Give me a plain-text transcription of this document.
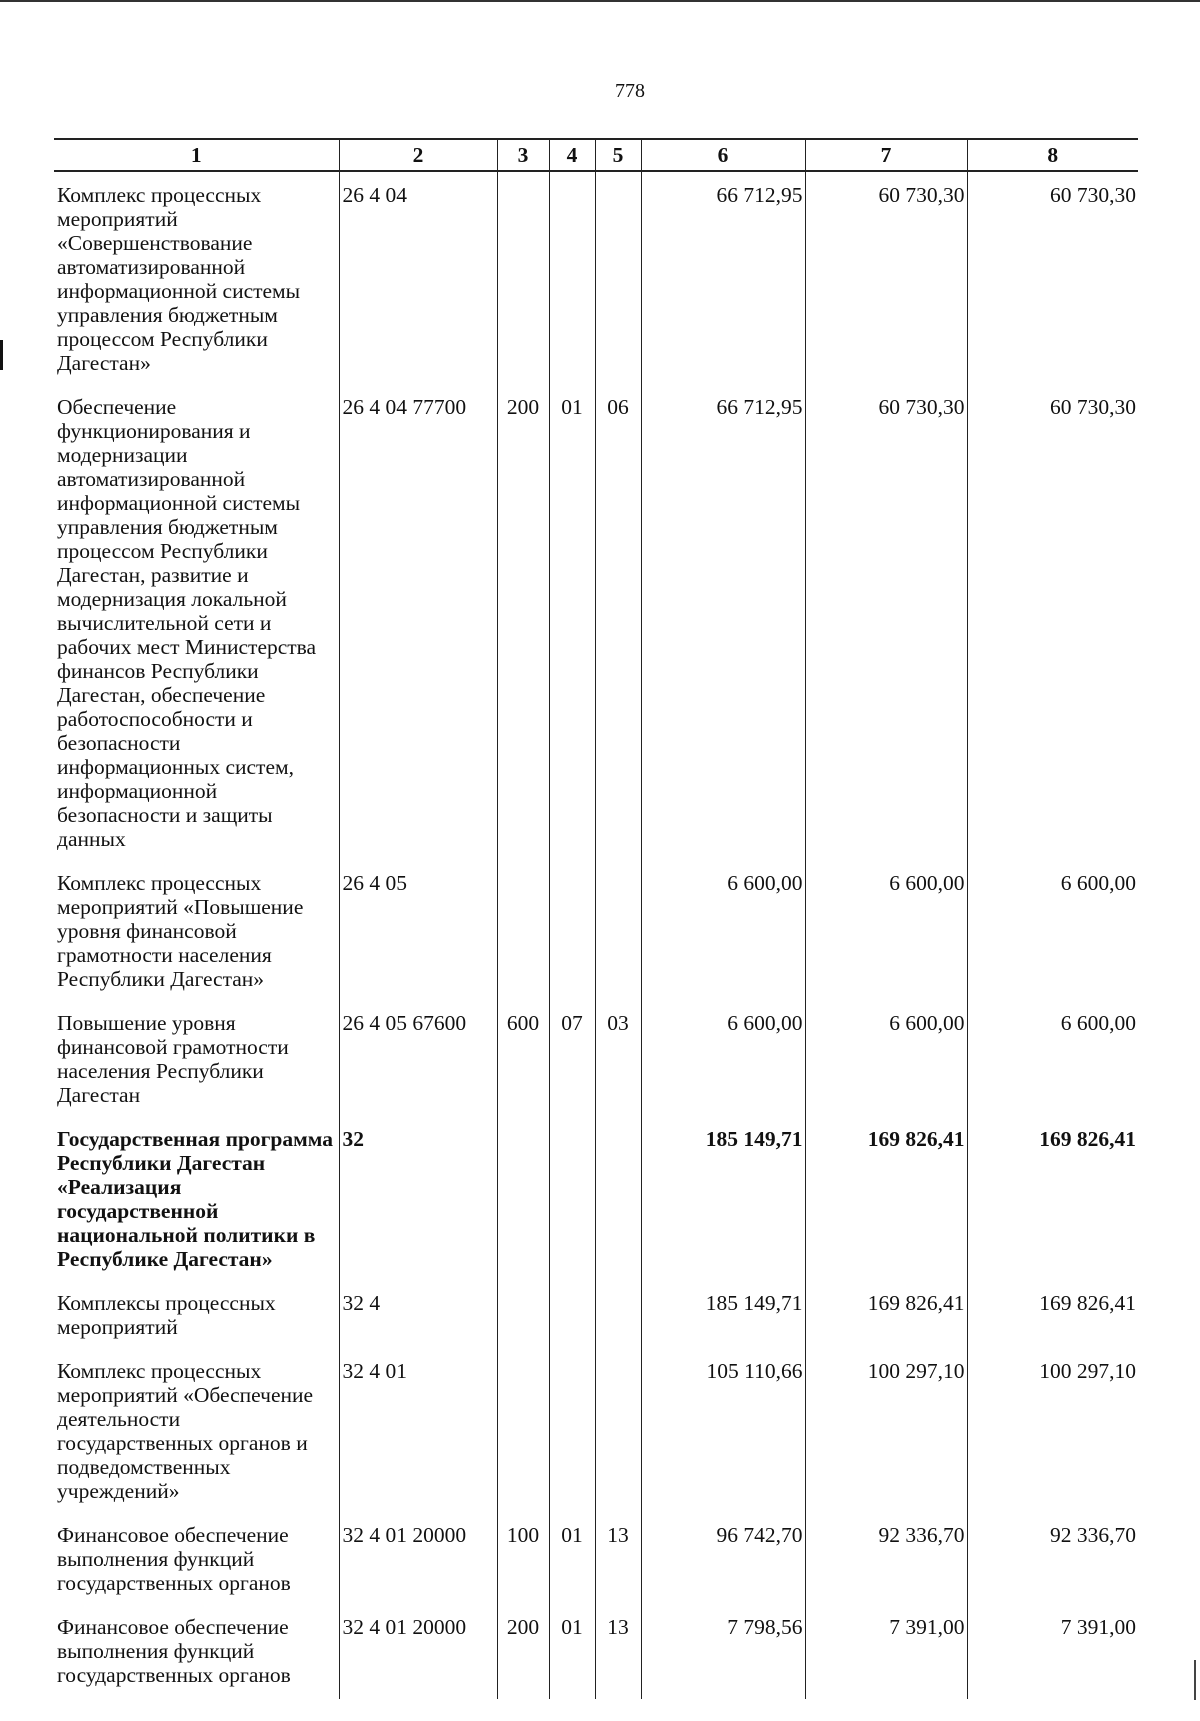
778
1	2	3	4	5	6	7	8
Комплекс процессных мероприятий «Совершенствование автоматизированной информационной системы управления бюджетным процессом Республики Дагестан»	26 4 04				66 712,95	60 730,30	60 730,30
Обеспечение функционирования и модернизации автоматизированной информационной системы управления бюджетным процессом Республики Дагестан, развитие и модернизация локальной вычислительной сети и рабочих мест Министерства финансов Республики Дагестан, обеспечение работоспособности и безопасности информационных систем, информационной безопасности и защиты данных	26 4 04 77700	200	01	06	66 712,95	60 730,30	60 730,30
Комплекс процессных мероприятий «Повышение уровня финансовой грамотности населения Республики Дагестан»	26 4 05				6 600,00	6 600,00	6 600,00
Повышение уровня финансовой грамотности населения Республики Дагестан	26 4 05 67600	600	07	03	6 600,00	6 600,00	6 600,00
Государственная программа Республики Дагестан «Реализация государственной национальной политики в Республике Дагестан»	32				185 149,71	169 826,41	169 826,41
Комплексы процессных мероприятий	32 4				185 149,71	169 826,41	169 826,41
Комплекс процессных мероприятий «Обеспечение деятельности государственных органов и подведомственных учреждений»	32 4 01				105 110,66	100 297,10	100 297,10
Финансовое обеспечение выполнения функций государственных органов	32 4 01 20000	100	01	13	96 742,70	92 336,70	92 336,70
Финансовое обеспечение выполнения функций государственных органов	32 4 01 20000	200	01	13	7 798,56	7 391,00	7 391,00
